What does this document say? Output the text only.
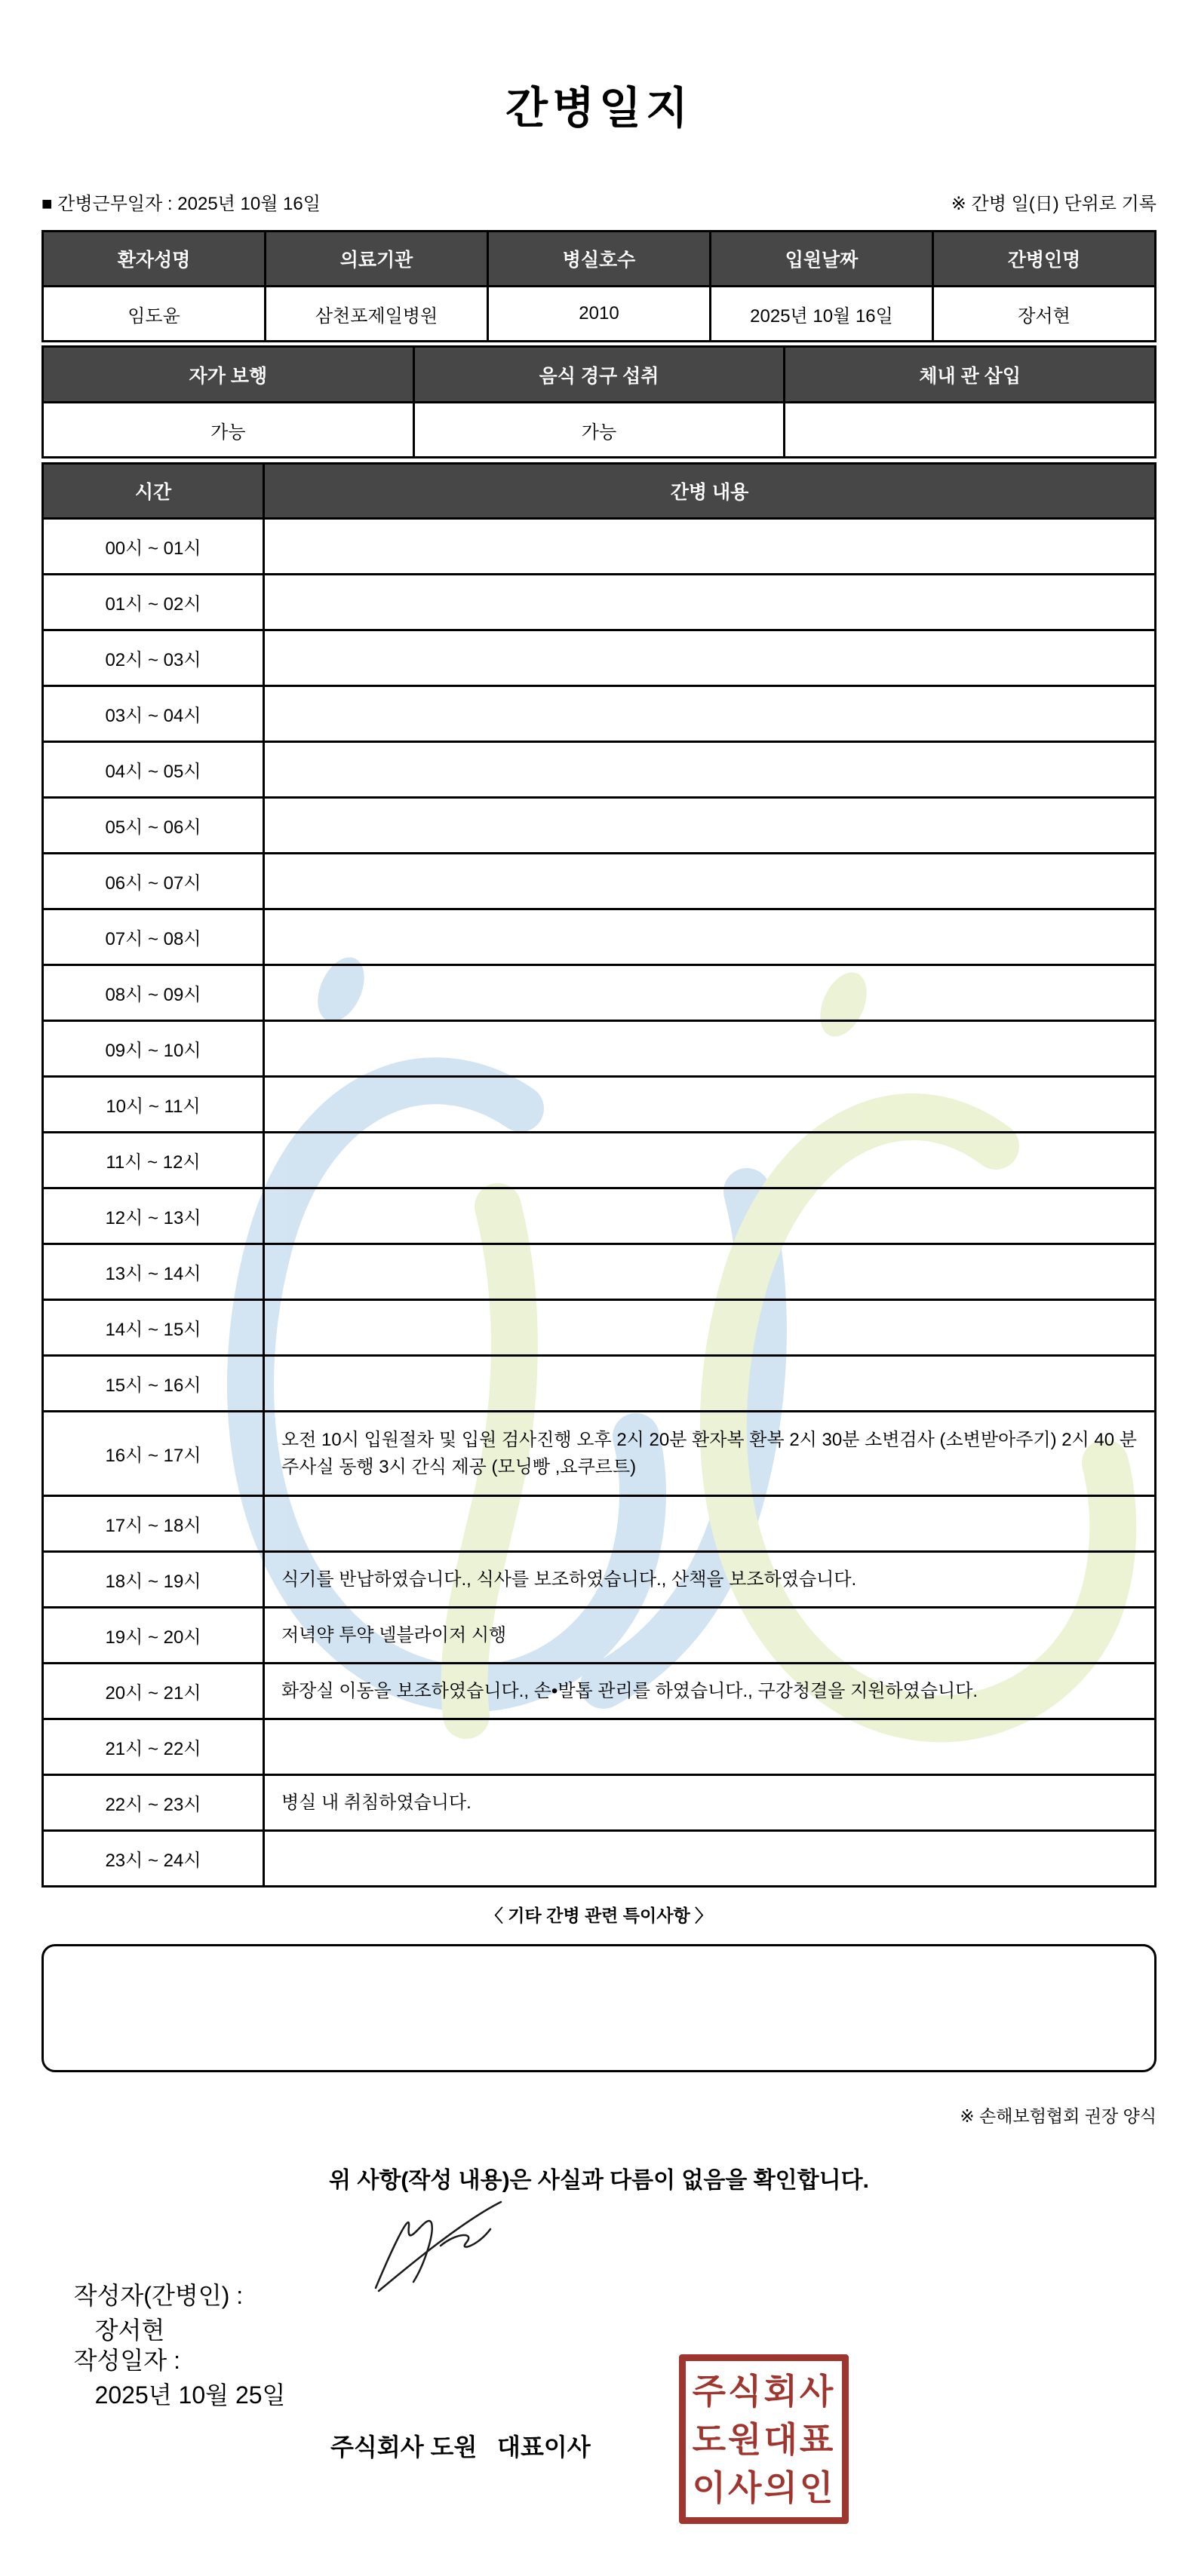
간병일지
■ 간병근무일자 : 2025년 10월 16일	※ 간병 일(日) 단위로 기록
환자성명	의료기관	병실호수	입원날짜	간병인명
임도윤	삼천포제일병원	2010	2025년 10월 16일	장서현
자가 보행	음식 경구 섭취	체내 관 삽입
가능	가능	
시간	간병 내용
00시 ~ 01시	
01시 ~ 02시	
02시 ~ 03시	
03시 ~ 04시	
04시 ~ 05시	
05시 ~ 06시	
06시 ~ 07시	
07시 ~ 08시	
08시 ~ 09시	
09시 ~ 10시	
10시 ~ 11시	
11시 ~ 12시	
12시 ~ 13시	
13시 ~ 14시	
14시 ~ 15시	
15시 ~ 16시	
16시 ~ 17시	오전 10시 입원절차 및 입원 검사진행 오후 2시 20분 환자복 환복 2시 30분 소변검사 (소변받아주기) 2시 40 분 주사실 동행 3시 간식 제공 (모닝빵 ,요쿠르트)
17시 ~ 18시	
18시 ~ 19시	식기를 반납하였습니다., 식사를 보조하였습니다., 산책을 보조하였습니다.
19시 ~ 20시	저녁약 투약 넬블라이저 시행
20시 ~ 21시	화장실 이동을 보조하였습니다., 손•발톱 관리를 하였습니다., 구강청결을 지원하였습니다.
21시 ~ 22시	
22시 ~ 23시	병실 내 취침하였습니다.
23시 ~ 24시	
〈 기타 간병 관련 특이사항 〉
※ 손해보험협회 권장 양식
위 사항(작성 내용)은 사실과 다름이 없음을 확인합니다.

작성자(간병인) :
장서현

작성일자 :
2025년 10월 25일

주식회사 도원   대표이사
주식회사
도원대표
이사의인
